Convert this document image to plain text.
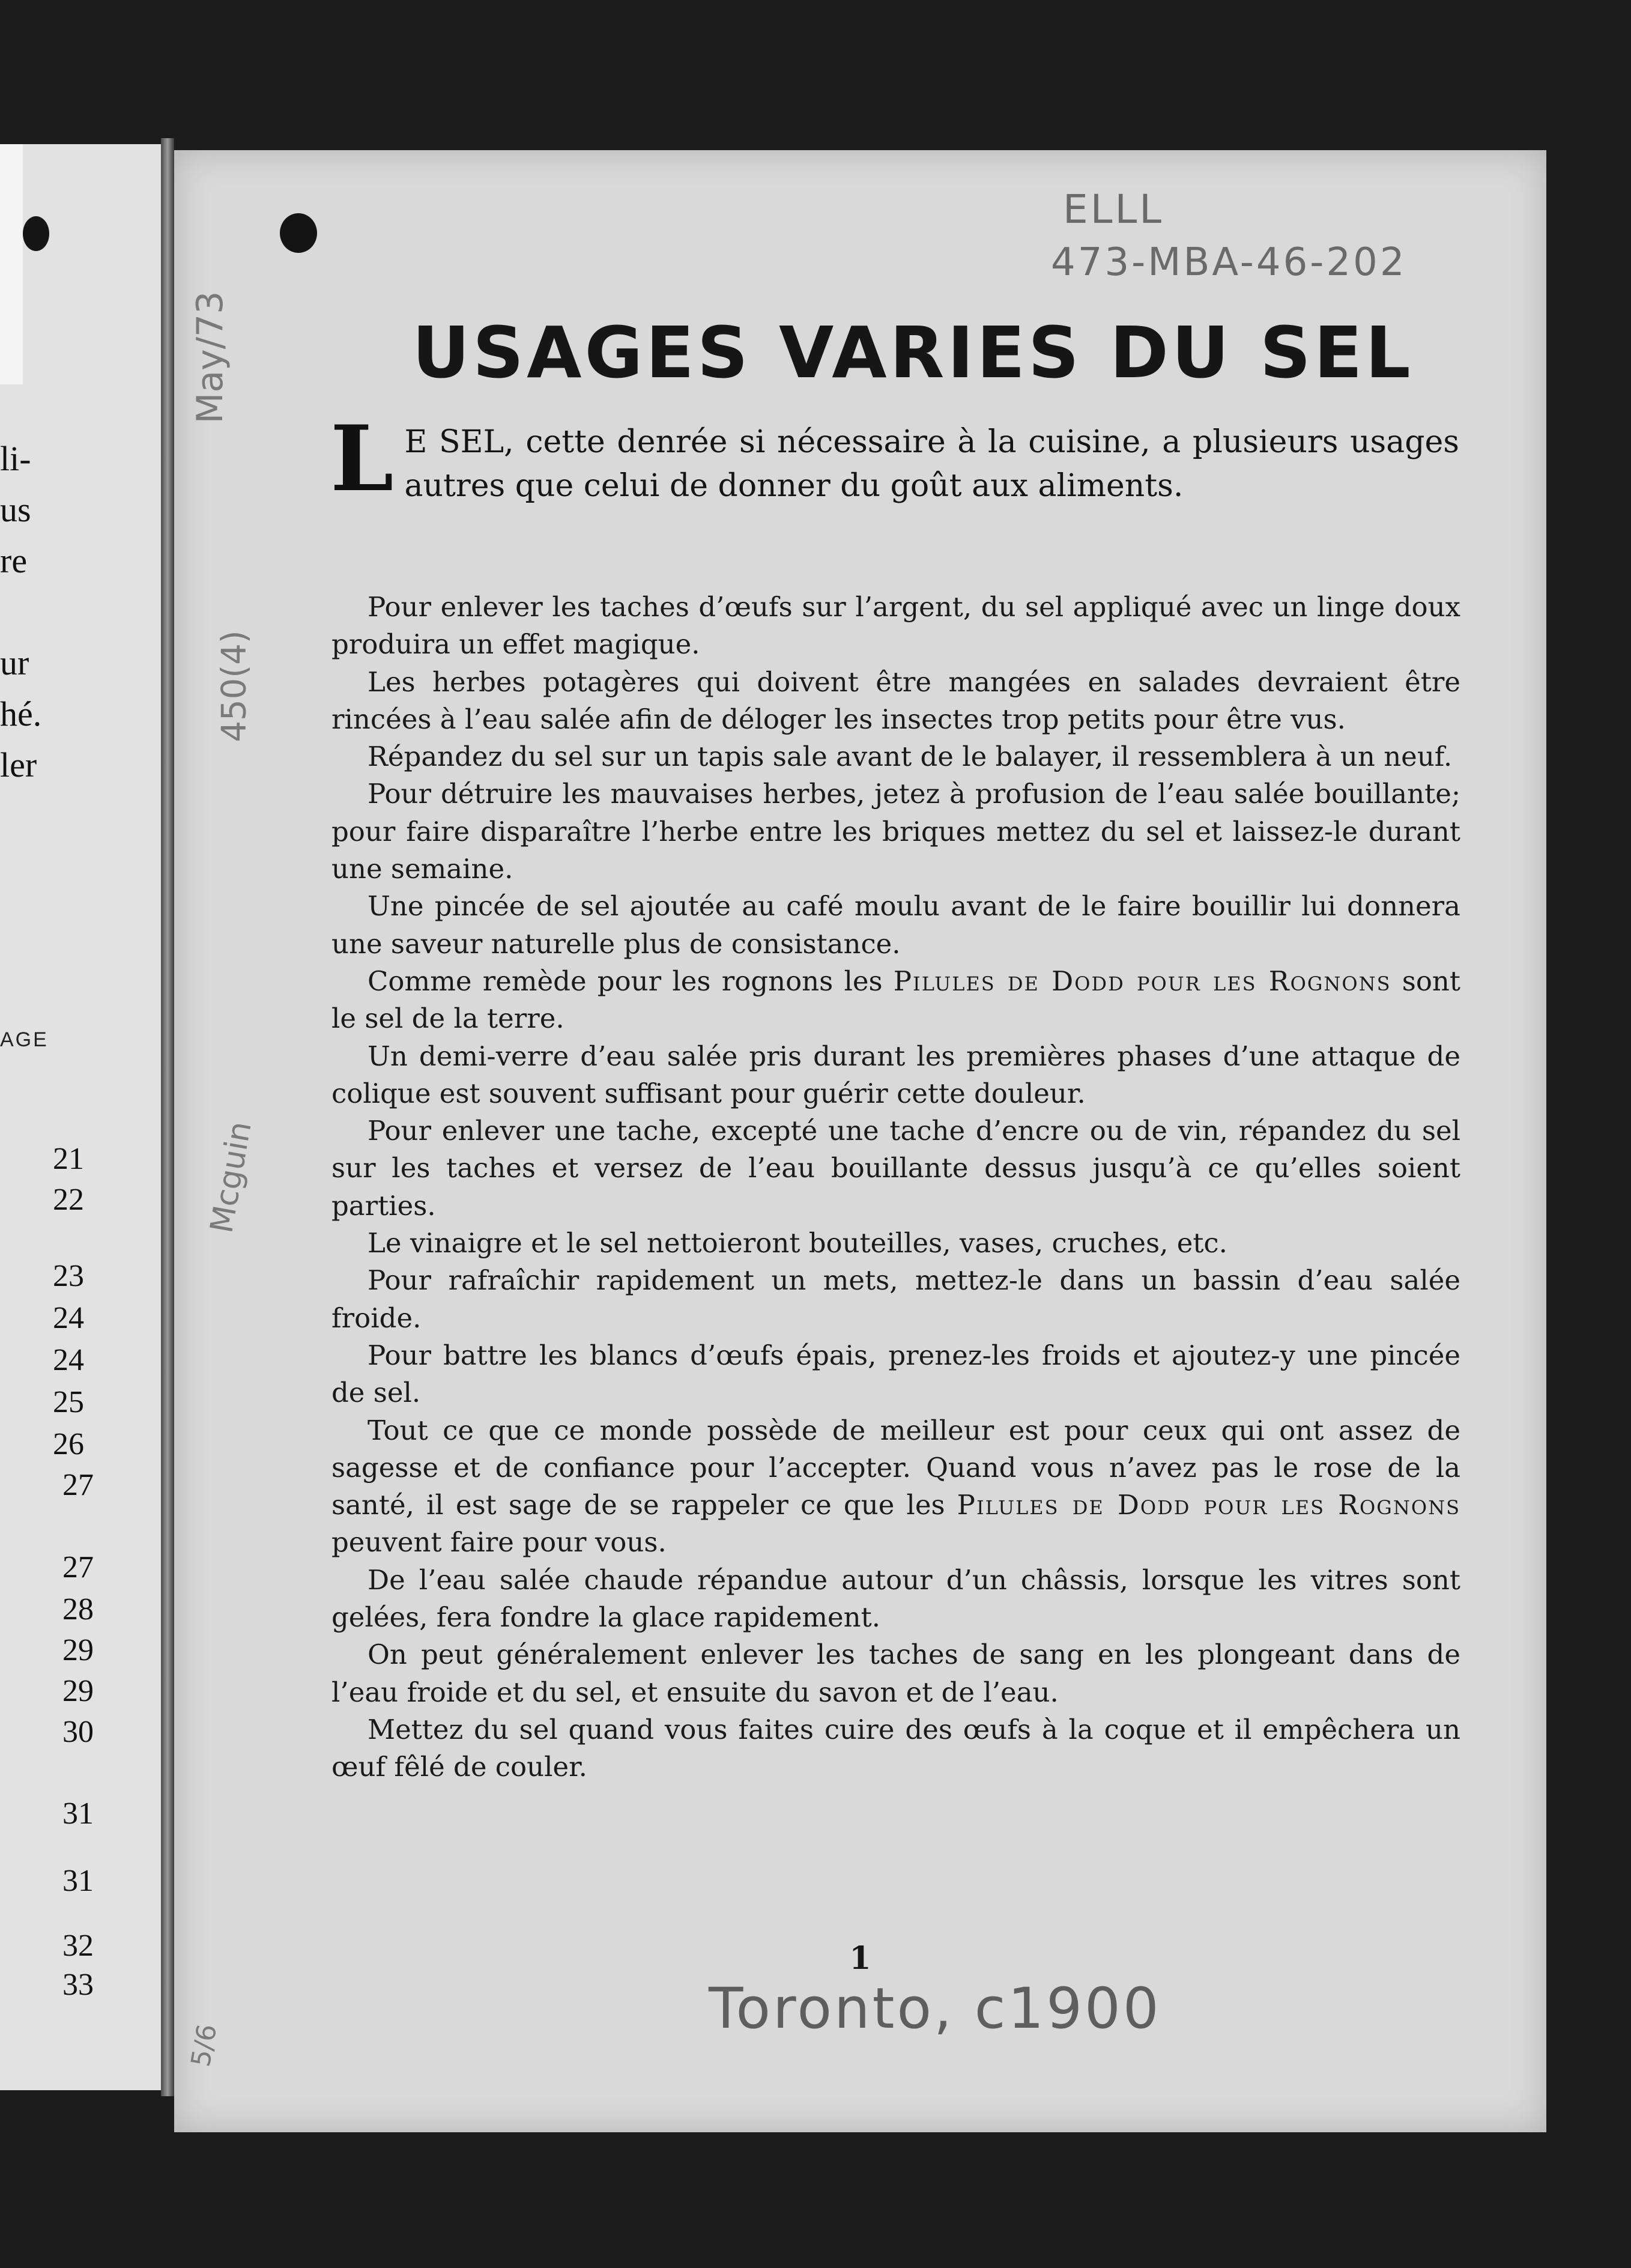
li-
us
re
ur
hé.
ler
AGE
21
22
23
24
24
25
26
27
27
28
29
29
30
31
31
32
33
ELLL
473-MBA-46-202
May/73
450(4)
Mcguin
USAGES VARIES DU SEL
L E SEL, cette denrée si nécessaire à la cuisine, a plusieurs usages autres que celui de donner du goût aux aliments.

Pour enlever les taches d’œufs sur l’argent, du sel appliqué avec un linge doux produira un effet magique.

Les herbes potagères qui doivent être mangées en salades devraient être rincées à l’eau salée afin de déloger les insectes trop petits pour être vus.

Répandez du sel sur un tapis sale avant de le balayer, il ressemblera à un neuf.

Pour détruire les mauvaises herbes, jetez à profusion de l’eau salée bouillante; pour faire disparaître l’herbe entre les briques mettez du sel et laissez-le durant une semaine.

Une pincée de sel ajoutée au café moulu avant de le faire bouillir lui donnera une saveur naturelle plus de consistance.

Comme remède pour les rognons les Pilules de Dodd pour les Rognons sont le sel de la terre.

Un demi-verre d’eau salée pris durant les premières phases d’une attaque de colique est souvent suffisant pour guérir cette douleur.

Pour enlever une tache, excepté une tache d’encre ou de vin, répandez du sel sur les taches et versez de l’eau bouillante dessus jusqu’à ce qu’elles soient parties.

Le vinaigre et le sel nettoieront bouteilles, vases, cruches, etc.

Pour rafraîchir rapidement un mets, mettez-le dans un bassin d’eau salée froide.

Pour battre les blancs d’œufs épais, prenez-les froids et ajoutez-y une pincée de sel.

Tout ce que ce monde possède de meilleur est pour ceux qui ont assez de sagesse et de confiance pour l’accepter. Quand vous n’avez pas le rose de la santé, il est sage de se rappeler ce que les Pilules de Dodd pour les Rognons peuvent faire pour vous.

De l’eau salée chaude répandue autour d’un châssis, lorsque les vitres sont gelées, fera fondre la glace rapidement.

On peut généralement enlever les taches de sang en les plongeant dans de l’eau froide et du sel, et ensuite du savon et de l’eau.

Mettez du sel quand vous faites cuire des œufs à la coque et il empêchera un œuf fêlé de couler.

1
Toronto, c1900
5/6
